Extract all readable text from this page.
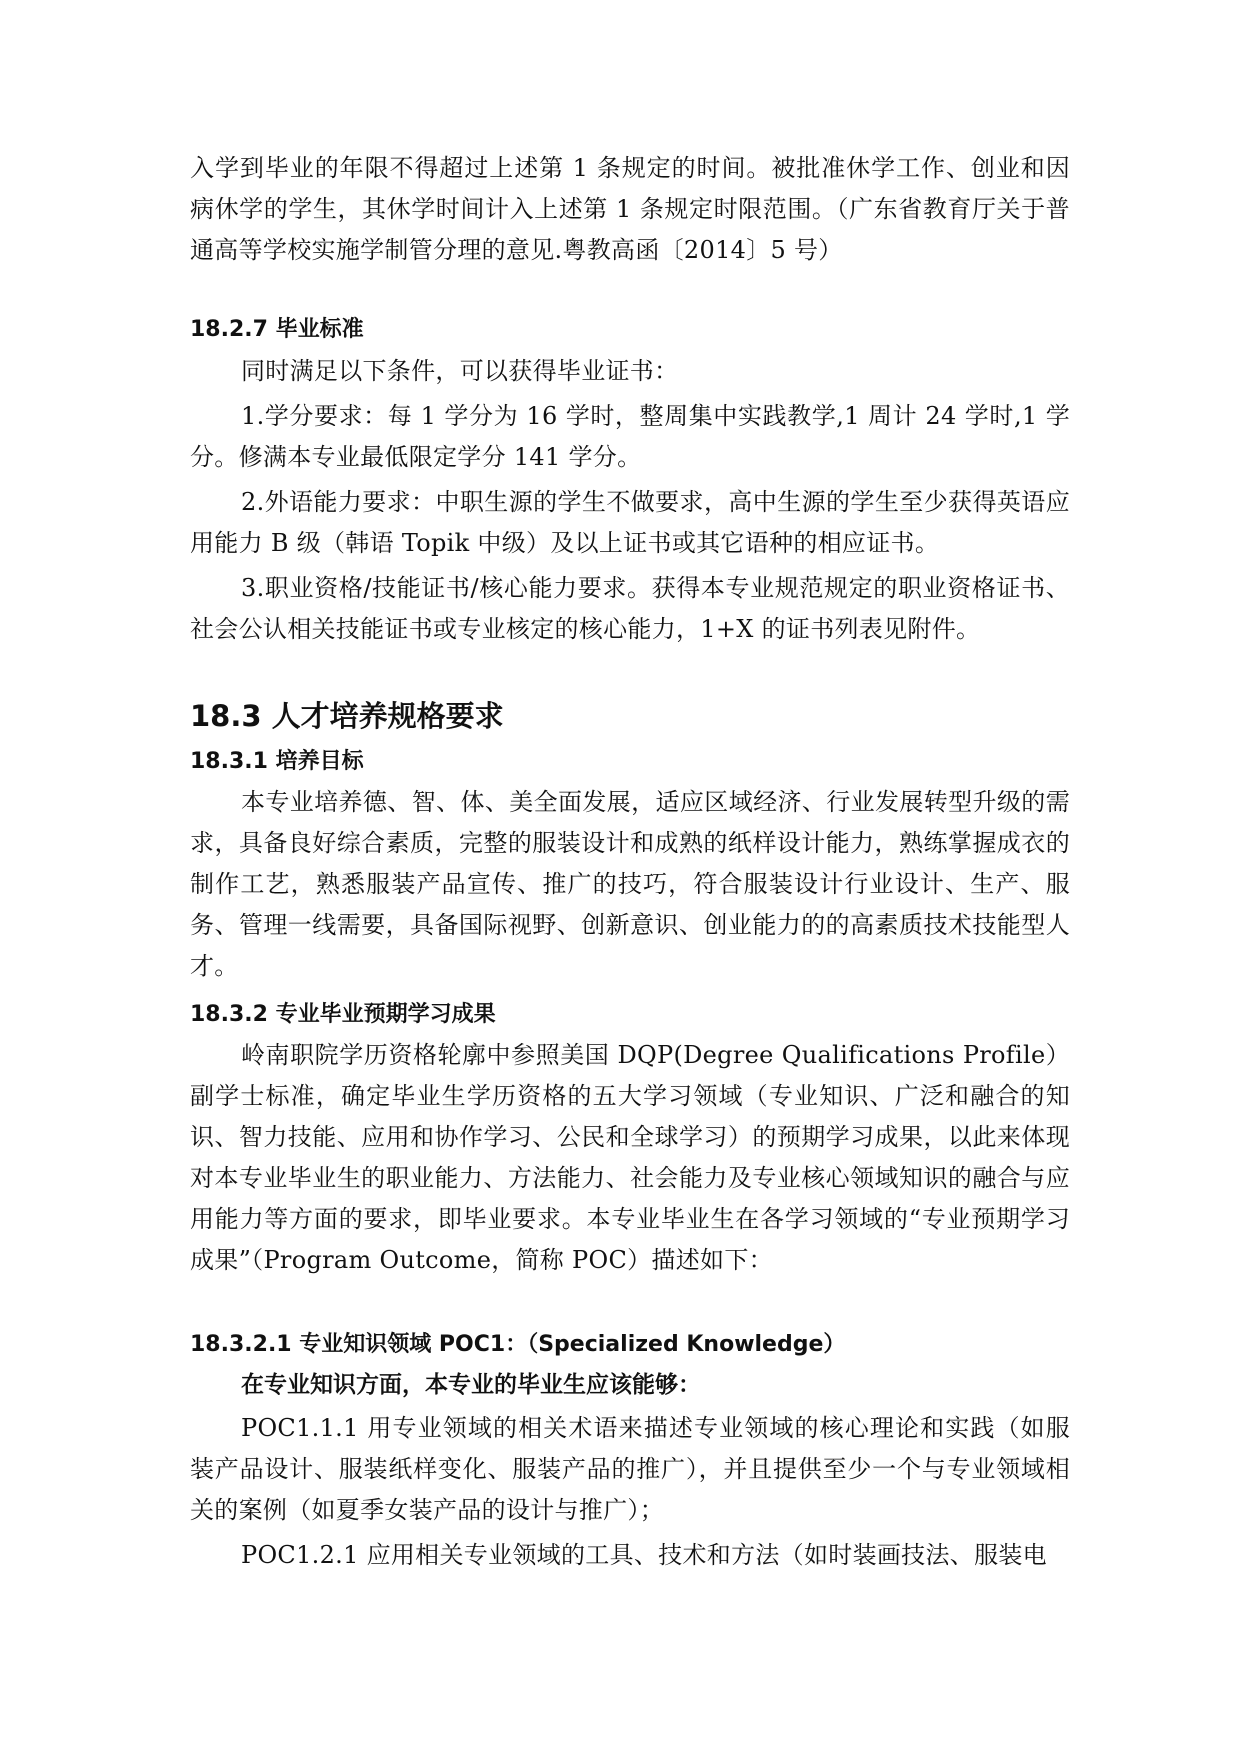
入学到毕业的年限不得超过上述第 1 条规定的时间。被批准休学工作、创业和因病休学的学生，其休学时间计入上述第 1 条规定时限范围。（广东省教育厅关于普通高等学校实施学制管分理的意见.粤教高函〔2014〕5 号）

18.2.7 毕业标准

同时满足以下条件，可以获得毕业证书：

1.学分要求：每 1 学分为 16 学时，整周集中实践教学,1 周计 24 学时,1 学分。修满本专业最低限定学分 141 学分。

2.外语能力要求：中职生源的学生不做要求，高中生源的学生至少获得英语应用能力 B 级（韩语 Topik 中级）及以上证书或其它语种的相应证书。

3.职业资格/技能证书/核心能力要求。获得本专业规范规定的职业资格证书、社会公认相关技能证书或专业核定的核心能力，1+X 的证书列表见附件。

18.3 人才培养规格要求
18.3.1 培养目标

本专业培养德、智、体、美全面发展，适应区域经济、行业发展转型升级的需求，具备良好综合素质，完整的服装设计和成熟的纸样设计能力，熟练掌握成衣的制作工艺，熟悉服装产品宣传、推广的技巧，符合服装设计行业设计、生产、服务、管理一线需要，具备国际视野、创新意识、创业能力的的高素质技术技能型人才。

18.3.2 专业毕业预期学习成果

岭南职院学历资格轮廓中参照美国 DQP(Degree Qualifications Profile）副学士标准，确定毕业生学历资格的五大学习领域（专业知识、广泛和融合的知识、智力技能、应用和协作学习、公民和全球学习）的预期学习成果，以此来体现对本专业毕业生的职业能力、方法能力、社会能力及专业核心领域知识的融合与应用能力等方面的要求，即毕业要求。本专业毕业生在各学习领域的“专业预期学习成果”（Program Outcome，简称 POC）描述如下：

18.3.2.1 专业知识领域 POC1：（Specialized Knowledge）

在专业知识方面，本专业的毕业生应该能够：

POC1.1.1 用专业领域的相关术语来描述专业领域的核心理论和实践（如服装产品设计、服装纸样变化、服装产品的推广），并且提供至少一个与专业领域相关的案例（如夏季女装产品的设计与推广）；

POC1.2.1 应用相关专业领域的工具、技术和方法（如时装画技法、服装电
